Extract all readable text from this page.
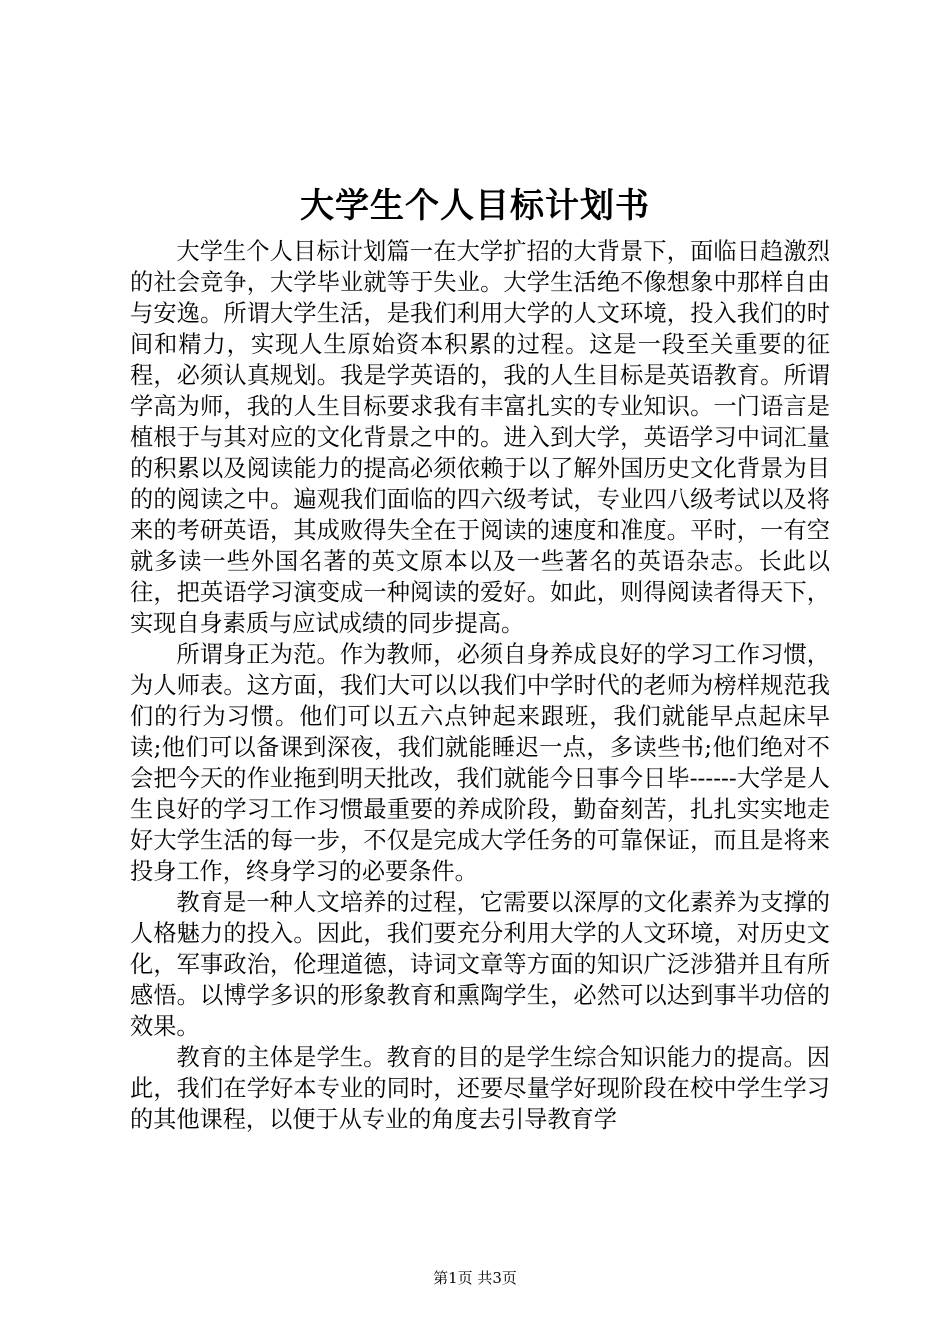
大学生个人目标计划书

大学生个人目标计划篇一在大学扩招的大背景下，面临日趋激烈的社会竞争，大学毕业就等于失业。大学生活绝不像想象中那样自由与安逸。所谓大学生活，是我们利用大学的人文环境，投入我们的时间和精力，实现人生原始资本积累的过程。这是一段至关重要的征程，必须认真规划。我是学英语的，我的人生目标是英语教育。所谓学高为师，我的人生目标要求我有丰富扎实的专业知识。一门语言是植根于与其对应的文化背景之中的。进入到大学，英语学习中词汇量的积累以及阅读能力的提高必须依赖于以了解外国历史文化背景为目的的阅读之中。遍观我们面临的四六级考试，专业四八级考试以及将来的考研英语，其成败得失全在于阅读的速度和准度。平时，一有空就多读一些外国名著的英文原本以及一些著名的英语杂志。长此以往，把英语学习演变成一种阅读的爱好。如此，则得阅读者得天下，实现自身素质与应试成绩的同步提高。

所谓身正为范。作为教师，必须自身养成良好的学习工作习惯，为人师表。这方面，我们大可以以我们中学时代的老师为榜样规范我们的行为习惯。他们可以五六点钟起来跟班，我们就能早点起床早读;他们可以备课到深夜，我们就能睡迟一点，多读些书;他们绝对不会把今天的作业拖到明天批改，我们就能今日事今日毕------大学是人生良好的学习工作习惯最重要的养成阶段，勤奋刻苦，扎扎实实地走好大学生活的每一步，不仅是完成大学任务的可靠保证，而且是将来投身工作，终身学习的必要条件。

教育是一种人文培养的过程，它需要以深厚的文化素养为支撑的人格魅力的投入。因此，我们要充分利用大学的人文环境，对历史文化，军事政治，伦理道德，诗词文章等方面的知识广泛涉猎并且有所感悟。以博学多识的形象教育和熏陶学生，必然可以达到事半功倍的效果。

教育的主体是学生。教育的目的是学生综合知识能力的提高。因此，我们在学好本专业的同时，还要尽量学好现阶段在校中学生学习的其他课程，以便于从专业的角度去引导教育学

第1页 共3页
